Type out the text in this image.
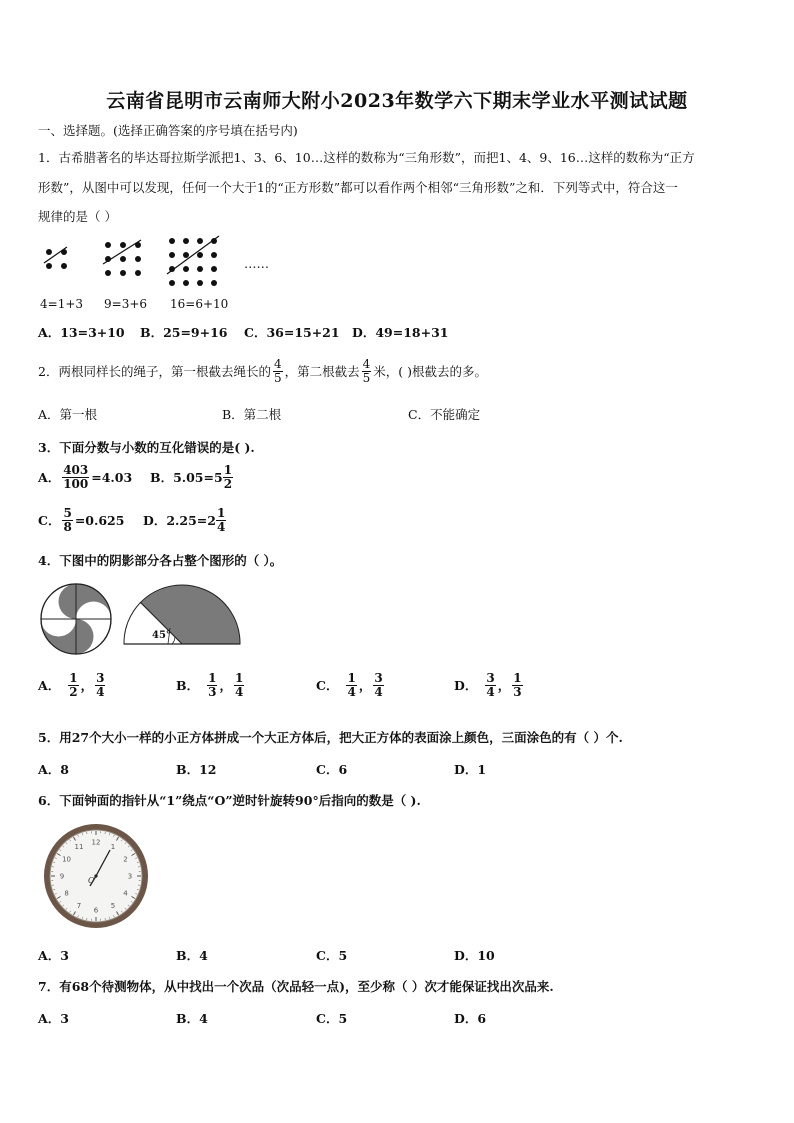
云南省昆明市云南师大附小2023年数学六下期末学业水平测试试题
一、选择题。(选择正确答案的序号填在括号内)
1．古希腊著名的毕达哥拉斯学派把1、3、6、10…这样的数称为“三角形数”，而把1、4、9、16…这样的数称为“正方
形数”，从图中可以发现，任何一个大于1的“正方形数”都可以看作两个相邻“三角形数”之和．下列等式中，符合这一
规律的是（ ）
……
4=1+3 9=3+6 16=6+10
A．13=3+10 B．25=9+16 C．36=15+21 D．49=18+31
2．两根同样长的绳子，第一根截去绳长的 $\frac{4}{5}$ ，第二根截去 $\frac{4}{5}$ 米，( )根截去的多。
A．第一根	B．第二根	C．不能确定
3．下面分数与小数的互化错误的是( ).
A． $\frac{403}{100} =4.03$ B．$5.05=5 \frac{1}{2}$
C． $\frac{5}{8} =0.625$ D．$2.25=2 \frac{1}{4}$
4．下图中的阴影部分各占整个图形的（ ）。
45°
A． $\frac{1}{2}$ ， $\frac{3}{4}$	B． $\frac{1}{3}$ ， $\frac{1}{4}$	C． $\frac{1}{4}$ ， $\frac{3}{4}$	D． $\frac{3}{4}$ ， $\frac{1}{3}$
5．用27个大小一样的小正方体拼成一个大正方体后，把大正方体的表面涂上颜色，三面涂色的有（ ）个.
A．8	B．12	C．6	D．1
6．下面钟面的指针从“1”绕点“O”逆时针旋转90°后指向的数是（ ).
12
1
2
3
4
5
6
7
8
9
10
11
O
A．3	B．4	C．5	D．10
7．有68个待测物体，从中找出一个次品（次品轻一点)，至少称（ ）次才能保证找出次品来.
A．3	B．4	C．5	D．6
